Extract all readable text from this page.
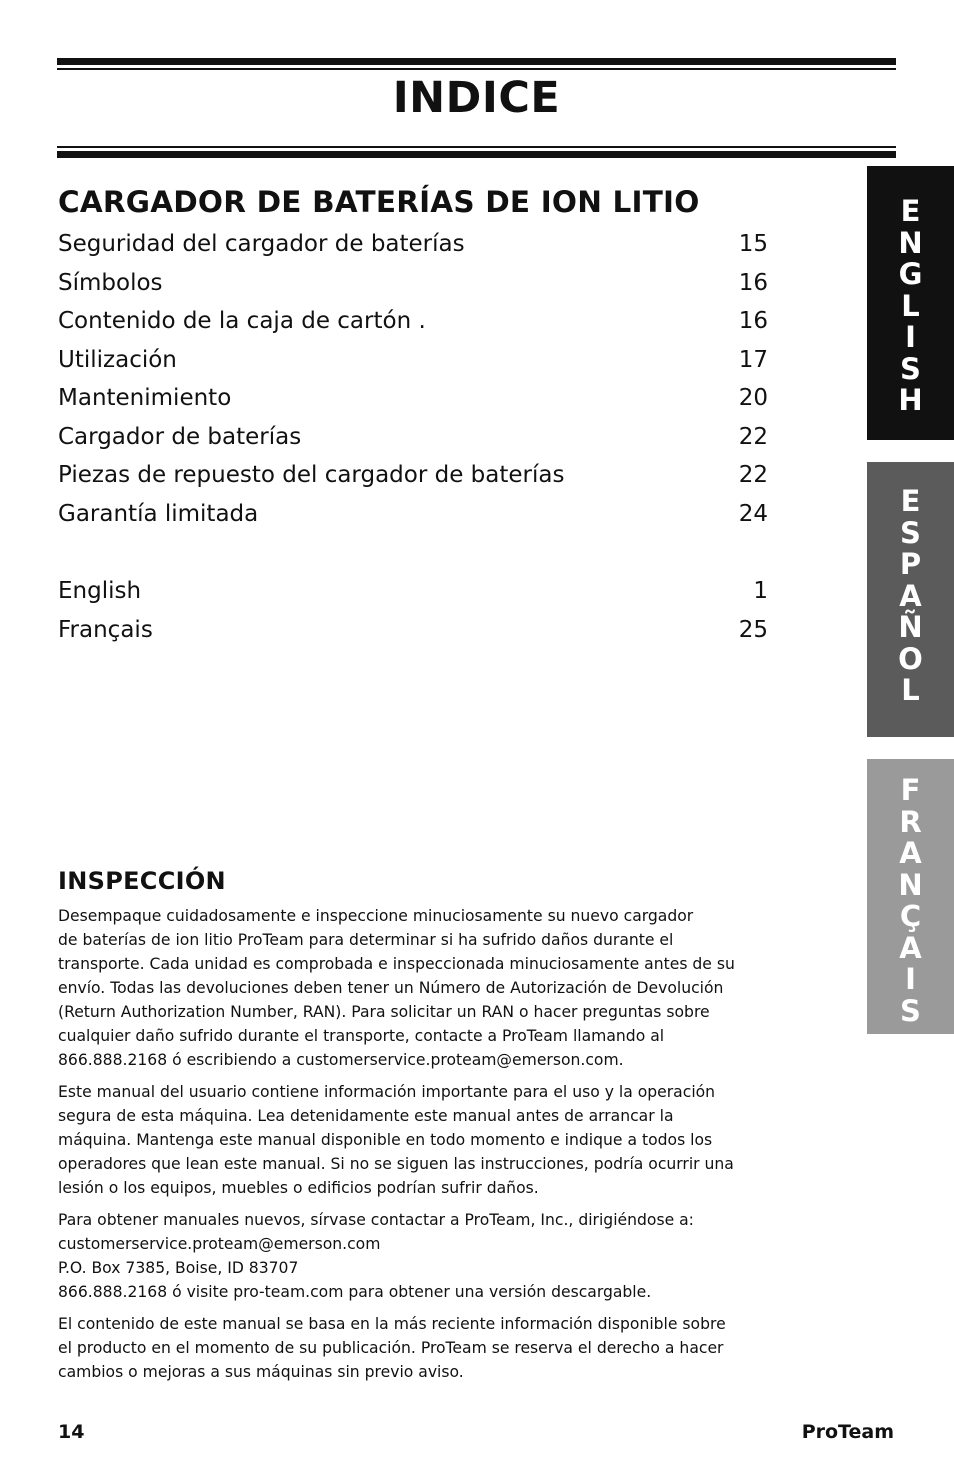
INDICE
CARGADOR DE BATERÍAS DE ION LITIO
Seguridad del cargador de baterías	15
Símbolos	16
Contenido de la caja de cartón .	16
Utilización	17
Mantenimiento	20
Cargador de baterías	22
Piezas de repuesto del cargador de baterías	22
Garantía limitada	24
English	1
Français	25
INSPECCIÓN

Desempaque cuidadosamente e inspeccione minuciosamente su nuevo cargador
de baterías de ion litio ProTeam para determinar si ha sufrido daños durante el
transporte. Cada unidad es comprobada e inspeccionada minuciosamente antes de su
envío. Todas las devoluciones deben tener un Número de Autorización de Devolución
(Return Authorization Number, RAN). Para solicitar un RAN o hacer preguntas sobre
cualquier daño sufrido durante el transporte, contacte a ProTeam llamando al
866.888.2168 ó escribiendo a customerservice.proteam@emerson.com.

Este manual del usuario contiene información importante para el uso y la operación
segura de esta máquina. Lea detenidamente este manual antes de arrancar la
máquina. Mantenga este manual disponible en todo momento e indique a todos los
operadores que lean este manual. Si no se siguen las instrucciones, podría ocurrir una
lesión o los equipos, muebles o edificios podrían sufrir daños.

Para obtener manuales nuevos, sírvase contactar a ProTeam, Inc., dirigiéndose a:
customerservice.proteam@emerson.com
P.O. Box 7385, Boise, ID 83707
866.888.2168 ó visite pro-team.com para obtener una versión descargable.

El contenido de este manual se basa en la más reciente información disponible sobre
el producto en el momento de su publicación. ProTeam se reserva el derecho a hacer
cambios o mejoras a sus máquinas sin previo aviso.

E
N
G
L
I
S
H
E
S
P
A
Ñ
O
L
F
R
A
N
Ç
A
I
S
14	ProTeam
